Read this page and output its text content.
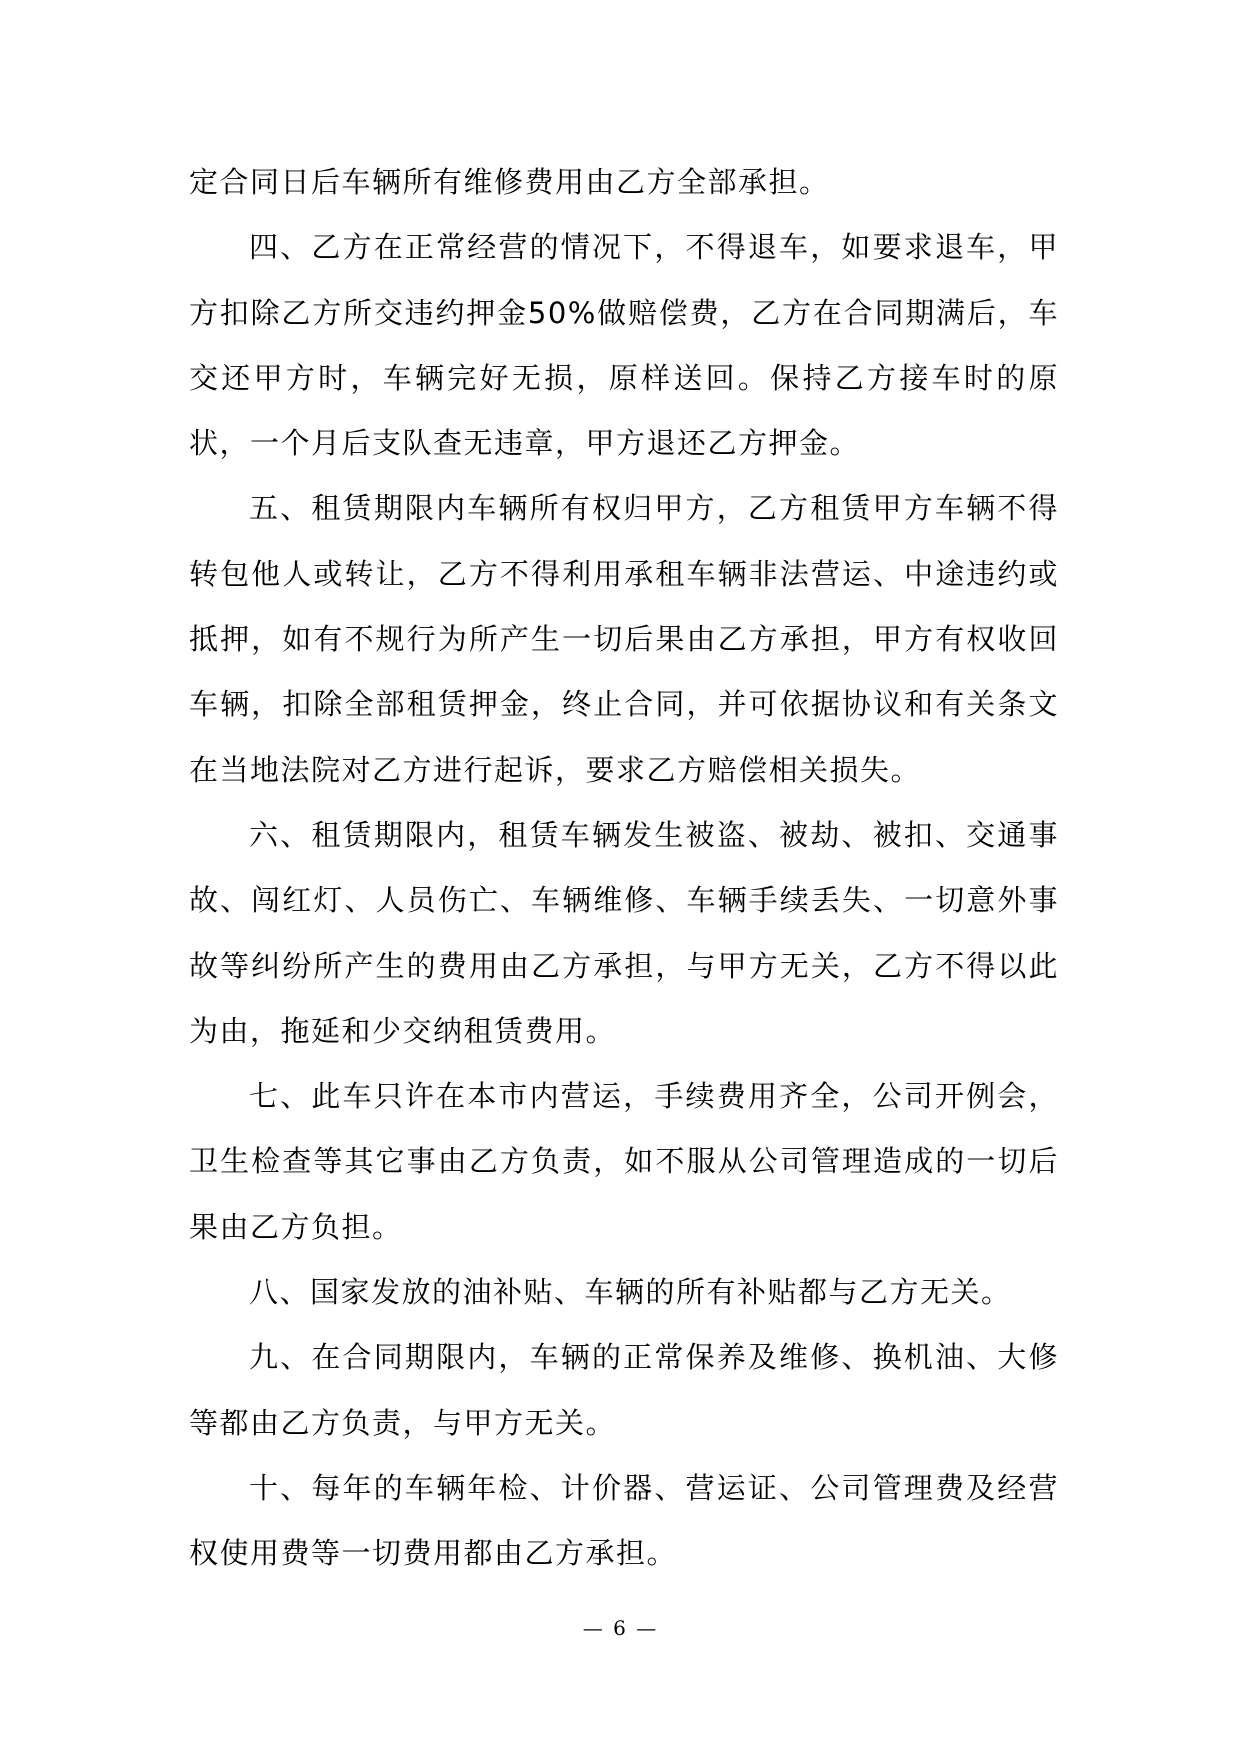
定合同日后车辆所有维修费用由乙方全部承担。

四、乙方在正常经营的情况下，不得退车，如要求退车，甲方扣除乙方所交违约押金50%做赔偿费，乙方在合同期满后，车交还甲方时，车辆完好无损，原样送回。保持乙方接车时的原状，一个月后支队查无违章，甲方退还乙方押金。

五、租赁期限内车辆所有权归甲方，乙方租赁甲方车辆不得转包他人或转让，乙方不得利用承租车辆非法营运、中途违约或抵押，如有不规行为所产生一切后果由乙方承担，甲方有权收回车辆，扣除全部租赁押金，终止合同，并可依据协议和有关条文在当地法院对乙方进行起诉，要求乙方赔偿相关损失。

六、租赁期限内，租赁车辆发生被盗、被劫、被扣、交通事故、闯红灯、人员伤亡、车辆维修、车辆手续丢失、一切意外事故等纠纷所产生的费用由乙方承担，与甲方无关，乙方不得以此为由，拖延和少交纳租赁费用。

七、此车只许在本市内营运，手续费用齐全，公司开例会，卫生检查等其它事由乙方负责，如不服从公司管理造成的一切后果由乙方负担。

八、国家发放的油补贴、车辆的所有补贴都与乙方无关。

九、在合同期限内，车辆的正常保养及维修、换机油、大修等都由乙方负责，与甲方无关。

十、每年的车辆年检、计价器、营运证、公司管理费及经营权使用费等一切费用都由乙方承担。

— 6 —
